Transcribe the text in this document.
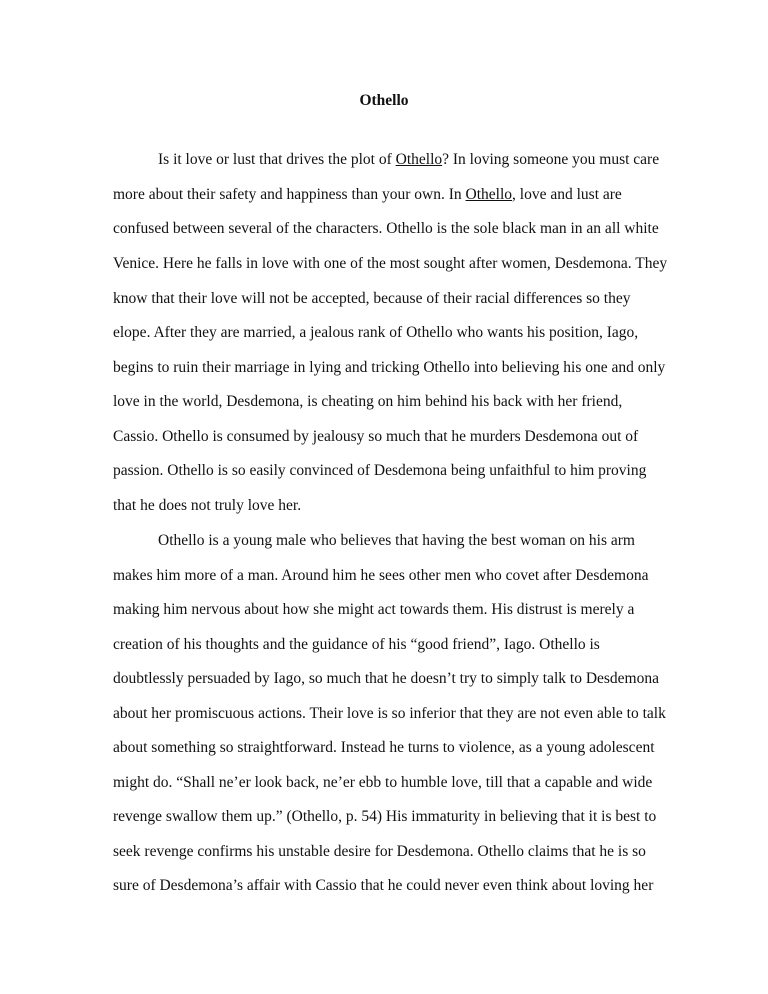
Othello

Is it love or lust that drives the plot of Othello? In loving someone you must care

more about their safety and happiness than your own. In Othello, love and lust are

confused between several of the characters. Othello is the sole black man in an all white

Venice. Here he falls in love with one of the most sought after women, Desdemona. They

know that their love will not be accepted, because of their racial differences so they

elope. After they are married, a jealous rank of Othello who wants his position, Iago,

begins to ruin their marriage in lying and tricking Othello into believing his one and only

love in the world, Desdemona, is cheating on him behind his back with her friend,

Cassio. Othello is consumed by jealousy so much that he murders Desdemona out of

passion. Othello is so easily convinced of Desdemona being unfaithful to him proving

that he does not truly love her.

Othello is a young male who believes that having the best woman on his arm

makes him more of a man. Around him he sees other men who covet after Desdemona

making him nervous about how she might act towards them. His distrust is merely a

creation of his thoughts and the guidance of his “good friend”, Iago. Othello is

doubtlessly persuaded by Iago, so much that he doesn’t try to simply talk to Desdemona

about her promiscuous actions. Their love is so inferior that they are not even able to talk

about something so straightforward. Instead he turns to violence, as a young adolescent

might do. “Shall ne’er look back, ne’er ebb to humble love, till that a capable and wide

revenge swallow them up.” (Othello, p. 54) His immaturity in believing that it is best to

seek revenge confirms his unstable desire for Desdemona. Othello claims that he is so

sure of Desdemona’s affair with Cassio that he could never even think about loving her
